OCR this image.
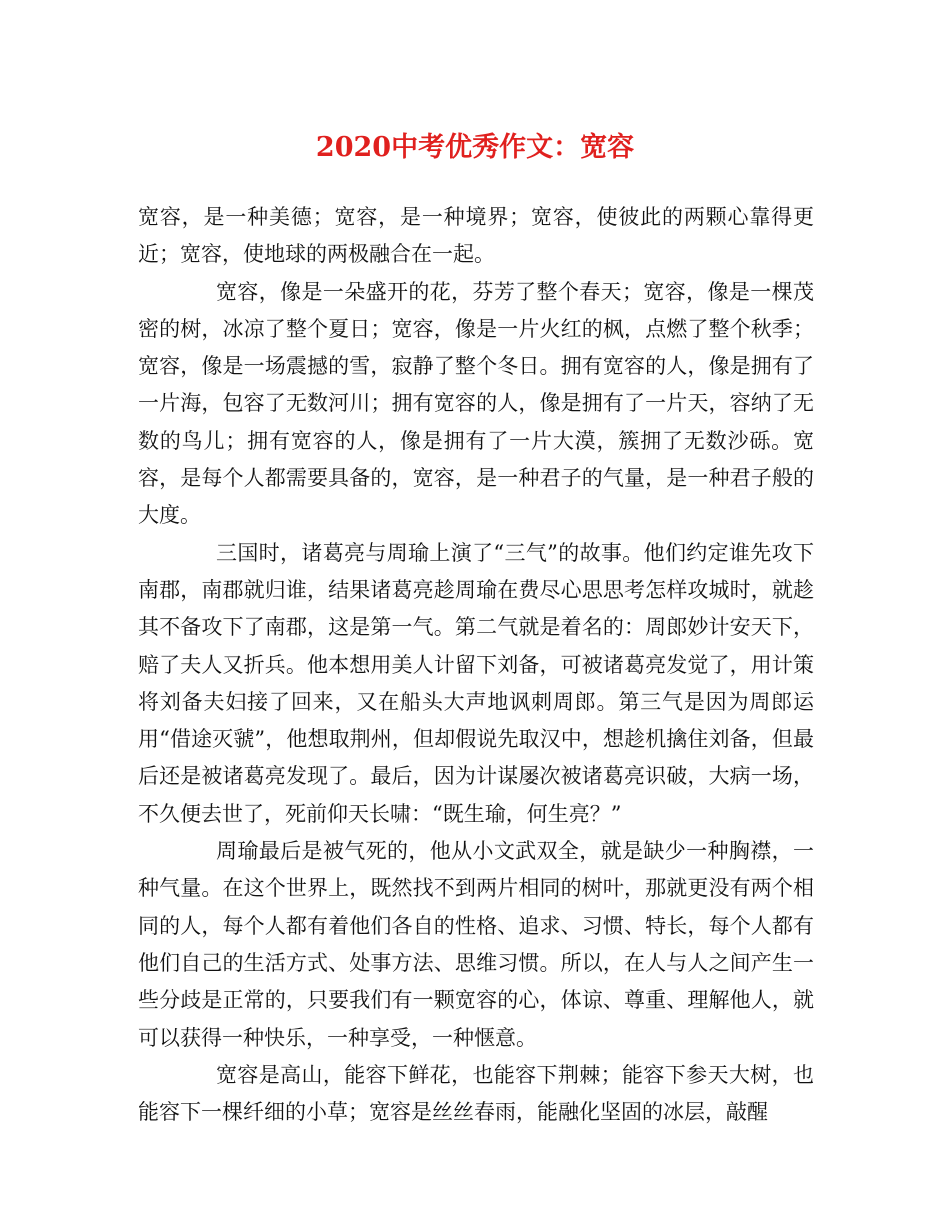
2020中考优秀作文：宽容

宽容，是一种美德；宽容，是一种境界；宽容，使彼此的两颗心靠得更近；宽容，使地球的两极融合在一起。

宽容，像是一朵盛开的花，芬芳了整个春天；宽容，像是一棵茂密的树，冰凉了整个夏日；宽容，像是一片火红的枫，点燃了整个秋季；宽容，像是一场震撼的雪，寂静了整个冬日。拥有宽容的人，像是拥有了一片海，包容了无数河川；拥有宽容的人，像是拥有了一片天，容纳了无数的鸟儿；拥有宽容的人，像是拥有了一片大漠，簇拥了无数沙砾。宽容，是每个人都需要具备的，宽容，是一种君子的气量，是一种君子般的大度。

三国时，诸葛亮与周瑜上演了“三气”的故事。他们约定谁先攻下南郡，南郡就归谁，结果诸葛亮趁周瑜在费尽心思思考怎样攻城时，就趁其不备攻下了南郡，这是第一气。第二气就是着名的：周郎妙计安天下，赔了夫人又折兵。他本想用美人计留下刘备，可被诸葛亮发觉了，用计策将刘备夫妇接了回来，又在船头大声地讽刺周郎。第三气是因为周郎运用“借途灭虢”，他想取荆州，但却假说先取汉中，想趁机擒住刘备，但最后还是被诸葛亮发现了。最后，因为计谋屡次被诸葛亮识破，大病一场，不久便去世了，死前仰天长啸：“既生瑜，何生亮？”

周瑜最后是被气死的，他从小文武双全，就是缺少一种胸襟，一种气量。在这个世界上，既然找不到两片相同的树叶，那就更没有两个相同的人，每个人都有着他们各自的性格、追求、习惯、特长，每个人都有他们自己的生活方式、处事方法、思维习惯。所以，在人与人之间产生一些分歧是正常的，只要我们有一颗宽容的心，体谅、尊重、理解他人，就可以获得一种快乐，一种享受，一种惬意。

宽容是高山，能容下鲜花，也能容下荆棘；能容下参天大树，也能容下一棵纤细的小草；宽容是丝丝春雨，能融化坚固的冰层，敲醒
